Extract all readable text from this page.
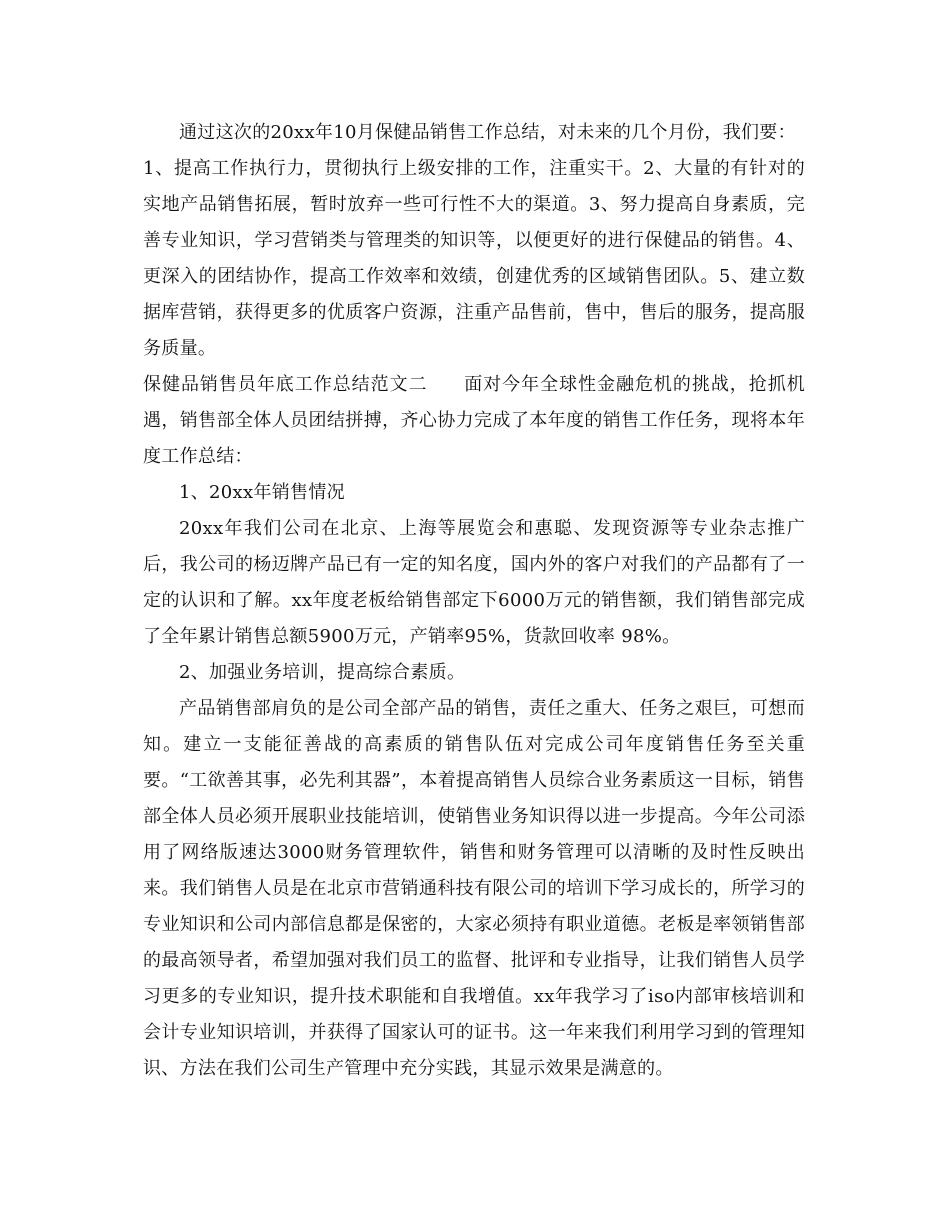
通过这次的20xx年10月保健品销售工作总结，对未来的几个月份，我们要：

1、提高工作执行力，贯彻执行上级安排的工作，注重实干。2、大量的有针对的实地产品销售拓展，暂时放弃一些可行性不大的渠道。3、努力提高自身素质，完善专业知识，学习营销类与管理类的知识等，以便更好的进行保健品的销售。4、更深入的团结协作，提高工作效率和效绩，创建优秀的区域销售团队。5、建立数据库营销，获得更多的优质客户资源，注重产品售前，售中，售后的服务，提高服务质量。

保健品销售员年底工作总结范文二 面对今年全球性金融危机的挑战，抢抓机遇，销售部全体人员团结拼搏，齐心协力完成了本年度的销售工作任务，现将本年度工作总结：

1、20xx年销售情况

20xx年我们公司在北京、上海等展览会和惠聪、发现资源等专业杂志推广后，我公司的杨迈牌产品已有一定的知名度，国内外的客户对我们的产品都有了一定的认识和了解。xx年度老板给销售部定下6000万元的销售额，我们销售部完成了全年累计销售总额5900万元，产销率95%，货款回收率 98%。

2、加强业务培训，提高综合素质。

产品销售部肩负的是公司全部产品的销售，责任之重大、任务之艰巨，可想而知。建立一支能征善战的高素质的销售队伍对完成公司年度销售任务至关重要。“工欲善其事，必先利其器”，本着提高销售人员综合业务素质这一目标，销售部全体人员必须开展职业技能培训，使销售业务知识得以进一步提高。今年公司添用了网络版速达3000财务管理软件，销售和财务管理可以清晰的及时性反映出来。我们销售人员是在北京市营销通科技有限公司的培训下学习成长的，所学习的专业知识和公司内部信息都是保密的，大家必须持有职业道德。老板是率领销售部的最高领导者，希望加强对我们员工的监督、批评和专业指导，让我们销售人员学习更多的专业知识，提升技术职能和自我增值。xx年我学习了iso内部审核培训和会计专业知识培训，并获得了国家认可的证书。这一年来我们利用学习到的管理知识、方法在我们公司生产管理中充分实践，其显示效果是满意的。
